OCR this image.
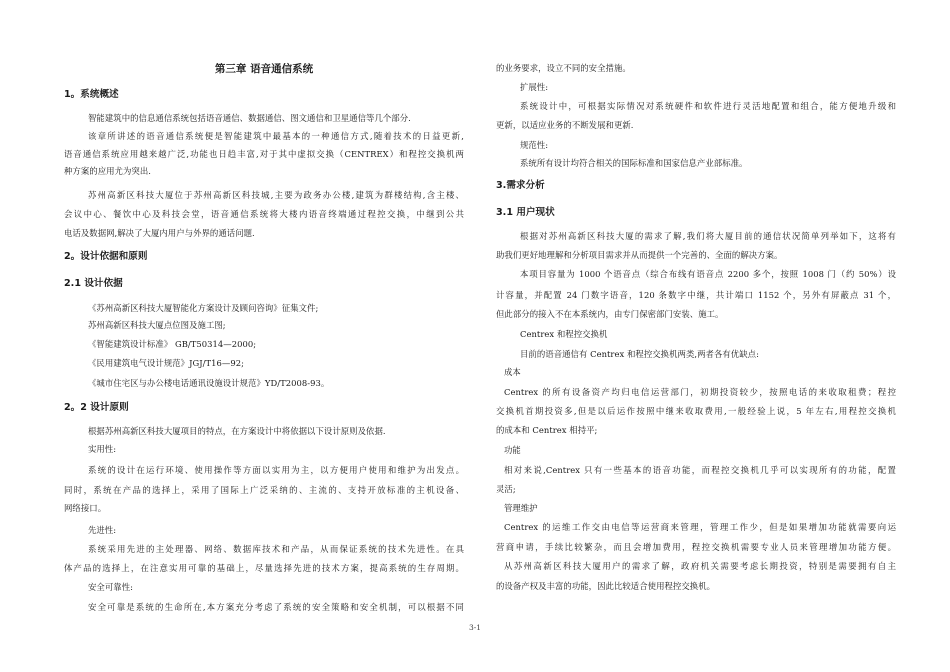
第三章 语音通信系统
1。系统概述
智能建筑中的信息通信系统包括语音通信、数据通信、图文通信和卫星通信等几个部分.
该章所讲述的语音通信系统便是智能建筑中最基本的一种通信方式,随着技术的日益更新,
语音通信系统应用越来越广泛,功能也日趋丰富,对于其中虚拟交换（CENTREX）和程控交换机两
种方案的应用尤为突出.
苏州高新区科技大厦位于苏州高新区科技城,主要为政务办公楼,建筑为群楼结构,含主楼、
会议中心、餐饮中心及科技会堂，语音通信系统将大楼内语音终端通过程控交换，中继到公共
电话及数据网,解决了大厦内用户与外界的通话问题.
2。设计依据和原则
2.1 设计依据
《苏州高新区科技大厦智能化方案设计及顾问咨询》征集文件;
苏州高新区科技大厦点位图及施工图;
《智能建筑设计标准》 GB/T50314—2000;
《民用建筑电气设计规范》JGJ/T16—92;
《城市住宅区与办公楼电话通讯设施设计规范》YD/T2008-93。
2。2 设计原则
根据苏州高新区科技大厦项目的特点，在方案设计中将依据以下设计原则及依据.
实用性:
系统的设计在运行环境、使用操作等方面以实用为主，以方便用户使用和维护为出发点。
同时，系统在产品的选择上，采用了国际上广泛采纳的、主流的、支持开放标准的主机设备、
网络接口。
先进性:
系统采用先进的主处理器、网络、数据库技术和产品，从而保证系统的技术先进性。在具
体产品的选择上，在注意实用可靠的基础上，尽量选择先进的技术方案，提高系统的生存周期。
安全可靠性:
安全可靠是系统的生命所在,本方案充分考虑了系统的安全策略和安全机制，可以根据不同
的业务要求，设立不同的安全措施。
扩展性:
系统设计中，可根据实际情况对系统硬件和软件进行灵活地配置和组合，能方便地升级和
更新，以适应业务的不断发展和更新.
规范性:
系统所有设计均符合相关的国际标准和国家信息产业部标准。
3.需求分析
3.1 用户现状
根据对苏州高新区科技大厦的需求了解,我们将大厦目前的通信状况简单列举如下，这将有
助我们更好地理解和分析项目需求并从而提供一个完善的、全面的解决方案。
本项目容量为 1000 个语音点（综合布线有语音点 2200 多个，按照 1008 门（约 50%）设
计容量，并配置 24 门数字语音，120 条数字中继，共计端口 1152 个，另外有屏蔽点 31 个，
但此部分的接入不在本系统内，由专门保密部门安装、施工。
Centrex 和程控交换机
目前的语音通信有 Centrex 和程控交换机两类,两者各有优缺点:
成本
Centrex 的所有设备资产均归电信运营部门，初期投资较少，按照电话的来收取租费；程控
交换机首期投资多,但是以后运作按照中继来收取费用,一般经验上说，5 年左右,用程控交换机
的成本和 Centrex 相持平;
功能
相对来说,Centrex 只有一些基本的语音功能，而程控交换机几乎可以实现所有的功能，配置
灵活;
管理维护
Centrex 的运维工作交由电信等运营商来管理，管理工作少，但是如果增加功能就需要向运
营商申请，手续比较繁杂，而且会增加费用，程控交换机需要专业人员来管理增加功能方便。
从苏州高新区科技大厦用户的需求了解，政府机关需要考虑长期投资，特别是需要拥有自主
的设备产权及丰富的功能，因此比较适合使用程控交换机。
3-1
